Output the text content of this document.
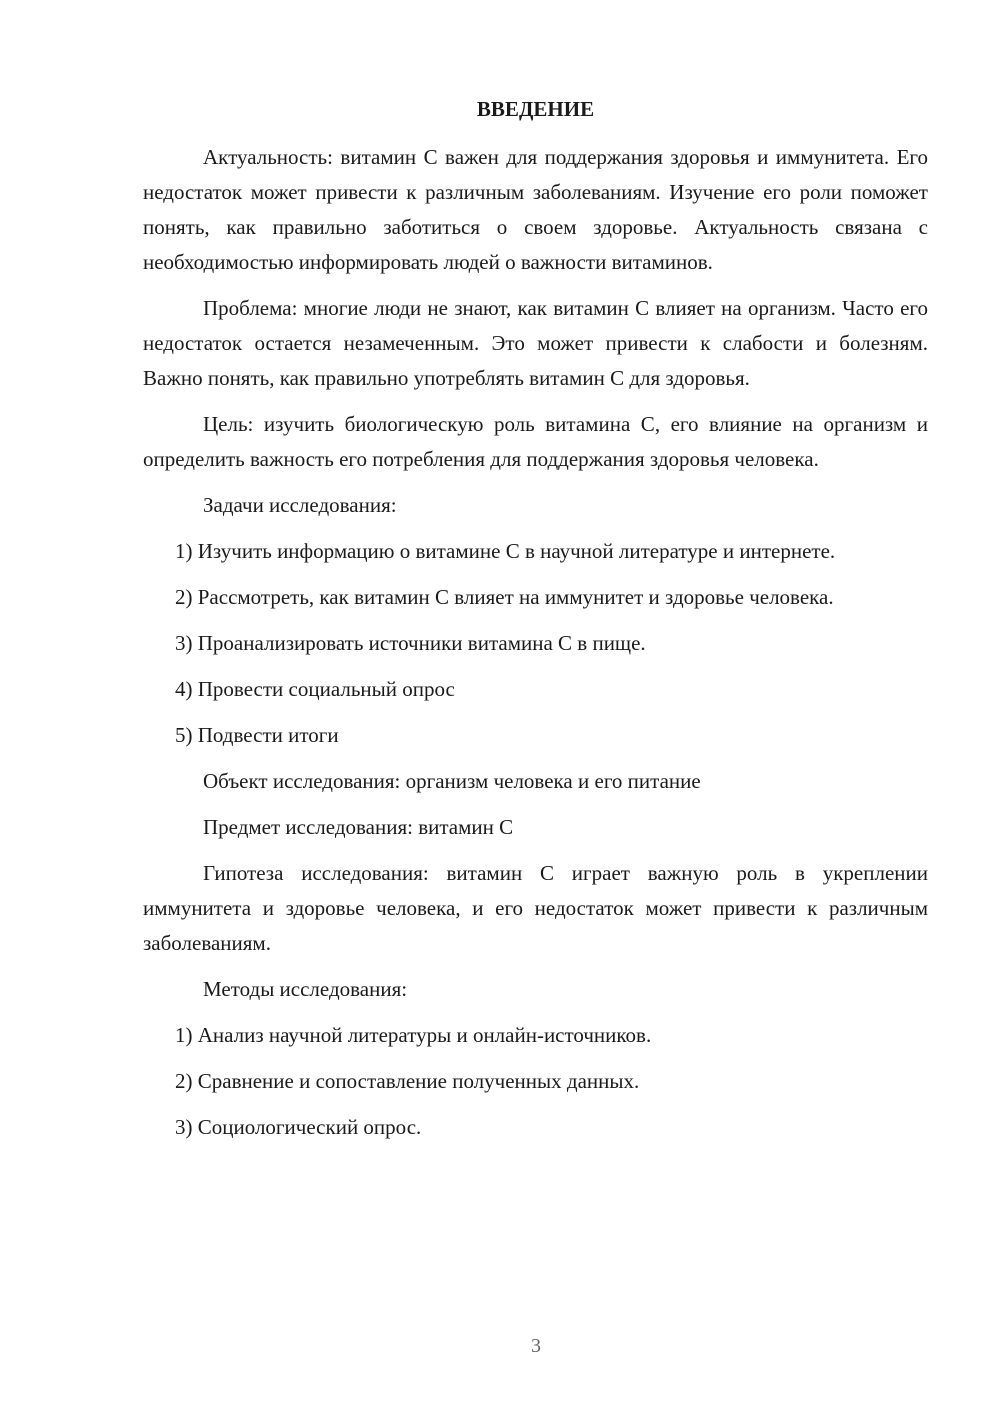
ВВЕДЕНИЕ

Актуальность: витамин С важен для поддержания здоровья и иммунитета. Его недостаток может привести к различным заболеваниям. Изучение его роли поможет понять, как правильно заботиться о своем здоровье. Актуальность связана с необходимостью информировать людей о важности витаминов.

Проблема: многие люди не знают, как витамин С влияет на организм. Часто его недостаток остается незамеченным. Это может привести к слабости и болезням. Важно понять, как правильно употреблять витамин С для здоровья.

Цель: изучить биологическую роль витамина С, его влияние на организм и определить важность его потребления для поддержания здоровья человека.

Задачи исследования:

1) Изучить информацию о витамине С в научной литературе и интернете.

2) Рассмотреть, как витамин С влияет на иммунитет и здоровье человека.

3) Проанализировать источники витамина С в пище.

4) Провести социальный опрос

5) Подвести итоги

Объект исследования: организм человека и его питание

Предмет исследования: витамин С

Гипотеза исследования: витамин С играет важную роль в укреплении иммунитета и здоровье человека, и его недостаток может привести к различным заболеваниям.

Методы исследования:

1) Анализ научной литературы и онлайн-источников.

2) Сравнение и сопоставление полученных данных.

3) Социологический опрос.

3
